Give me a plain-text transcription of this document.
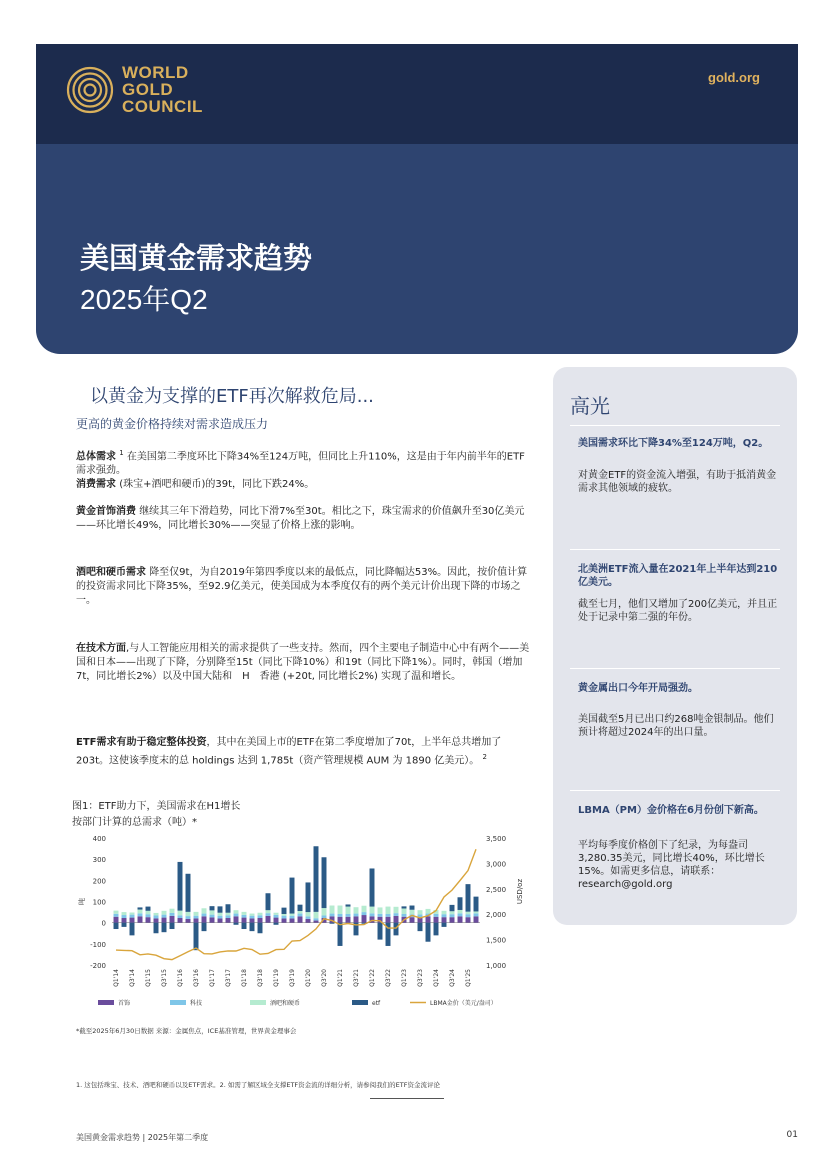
WORLD
GOLD
COUNCIL
gold.org
美国黄金需求趋势
2025年Q2
以黄金为支撑的ETF再次解救危局...
更高的黄金价格持续对需求造成压力
总体需求 $^1$ 在美国第二季度环比下降34%至124万吨，但同比上升110%，这是由于年内前半年的ETF需求强劲。
消费需求 (珠宝+酒吧和硬币)的39t，同比下跌24%。
黄金首饰消费 继续其三年下滑趋势，同比下滑7%至30t。相比之下，珠宝需求的价值飙升至30亿美元——环比增长49%，同比增长30%——突显了价格上涨的影响。
酒吧和硬币需求 降至仅9t，为自2019年第四季度以来的最低点，同比降幅达53%。因此，按价值计算的投资需求同比下降35%，至92.9亿美元，使美国成为本季度仅有的两个美元计价出现下降的市场之一。
在技术方面,与人工智能应用相关的需求提供了一些支持。然而，四个主要电子制造中心中有两个——美国和日本——出现了下降，分别降至15t（同比下降10%）和19t（同比下降1%）。同时，韩国（增加7t，同比增长2%）以及中国大陆和　H　香港 (+20t, 同比增长2%) 实现了温和增长。
ETF需求有助于稳定整体投资，其中在美国上市的ETF在第二季度增加了70t，上半年总共增加了203t。这使该季度末的总 holdings 达到 1,785t（资产管理规模 AUM 为 1890 亿美元）。 $^2$
图1：ETF助力下，美国需求在H1增长
按部门计算的总需求（吨）*
-200
-100
0
100
200
300
400
1,000
1,500
2,000
2,500
3,000
3,500
吨	USD/oz
Q1'14 Q3'14 Q1'15 Q3'15 Q1'16 Q3'16 Q1'17 Q3'17 Q1'18 Q3'18 Q1'19 Q3'19 Q1'20 Q3'20 Q1'21 Q3'21 Q1'22 Q3'22 Q1'23 Q3'23 Q1'24 Q3'24 Q1'25
首饰	科技	酒吧和硬币	etf	LBMA金价（美元/盎司）
*截至2025年6月30日数据 来源：金属焦点，ICE基准管理，世界黄金理事会
1. 这包括珠宝、技术、酒吧和硬币以及ETF需求。2. 如需了解区域全支撑ETF资金流的详细分析，请参阅我们的ETF资金流评论
美国黄金需求趋势 | 2025年第二季度	01
高光
美国需求环比下降34%至124万吨，Q2。
对黄金ETF的资金流入增强，有助于抵消黄金需求其他领域的疲软。
北美洲ETF流入量在2021年上半年达到210亿美元。
截至七月，他们又增加了200亿美元，并且正处于记录中第二强的年份。
黄金属出口今年开局强劲。
美国截至5月已出口约268吨金银制品。他们预计将超过2024年的出口量。
LBMA（PM）金价格在6月份创下新高。
平均每季度价格创下了纪录，为每盎司3,280.35美元，同比增长40%，环比增长15%。如需更多信息，请联系：research@gold.org
